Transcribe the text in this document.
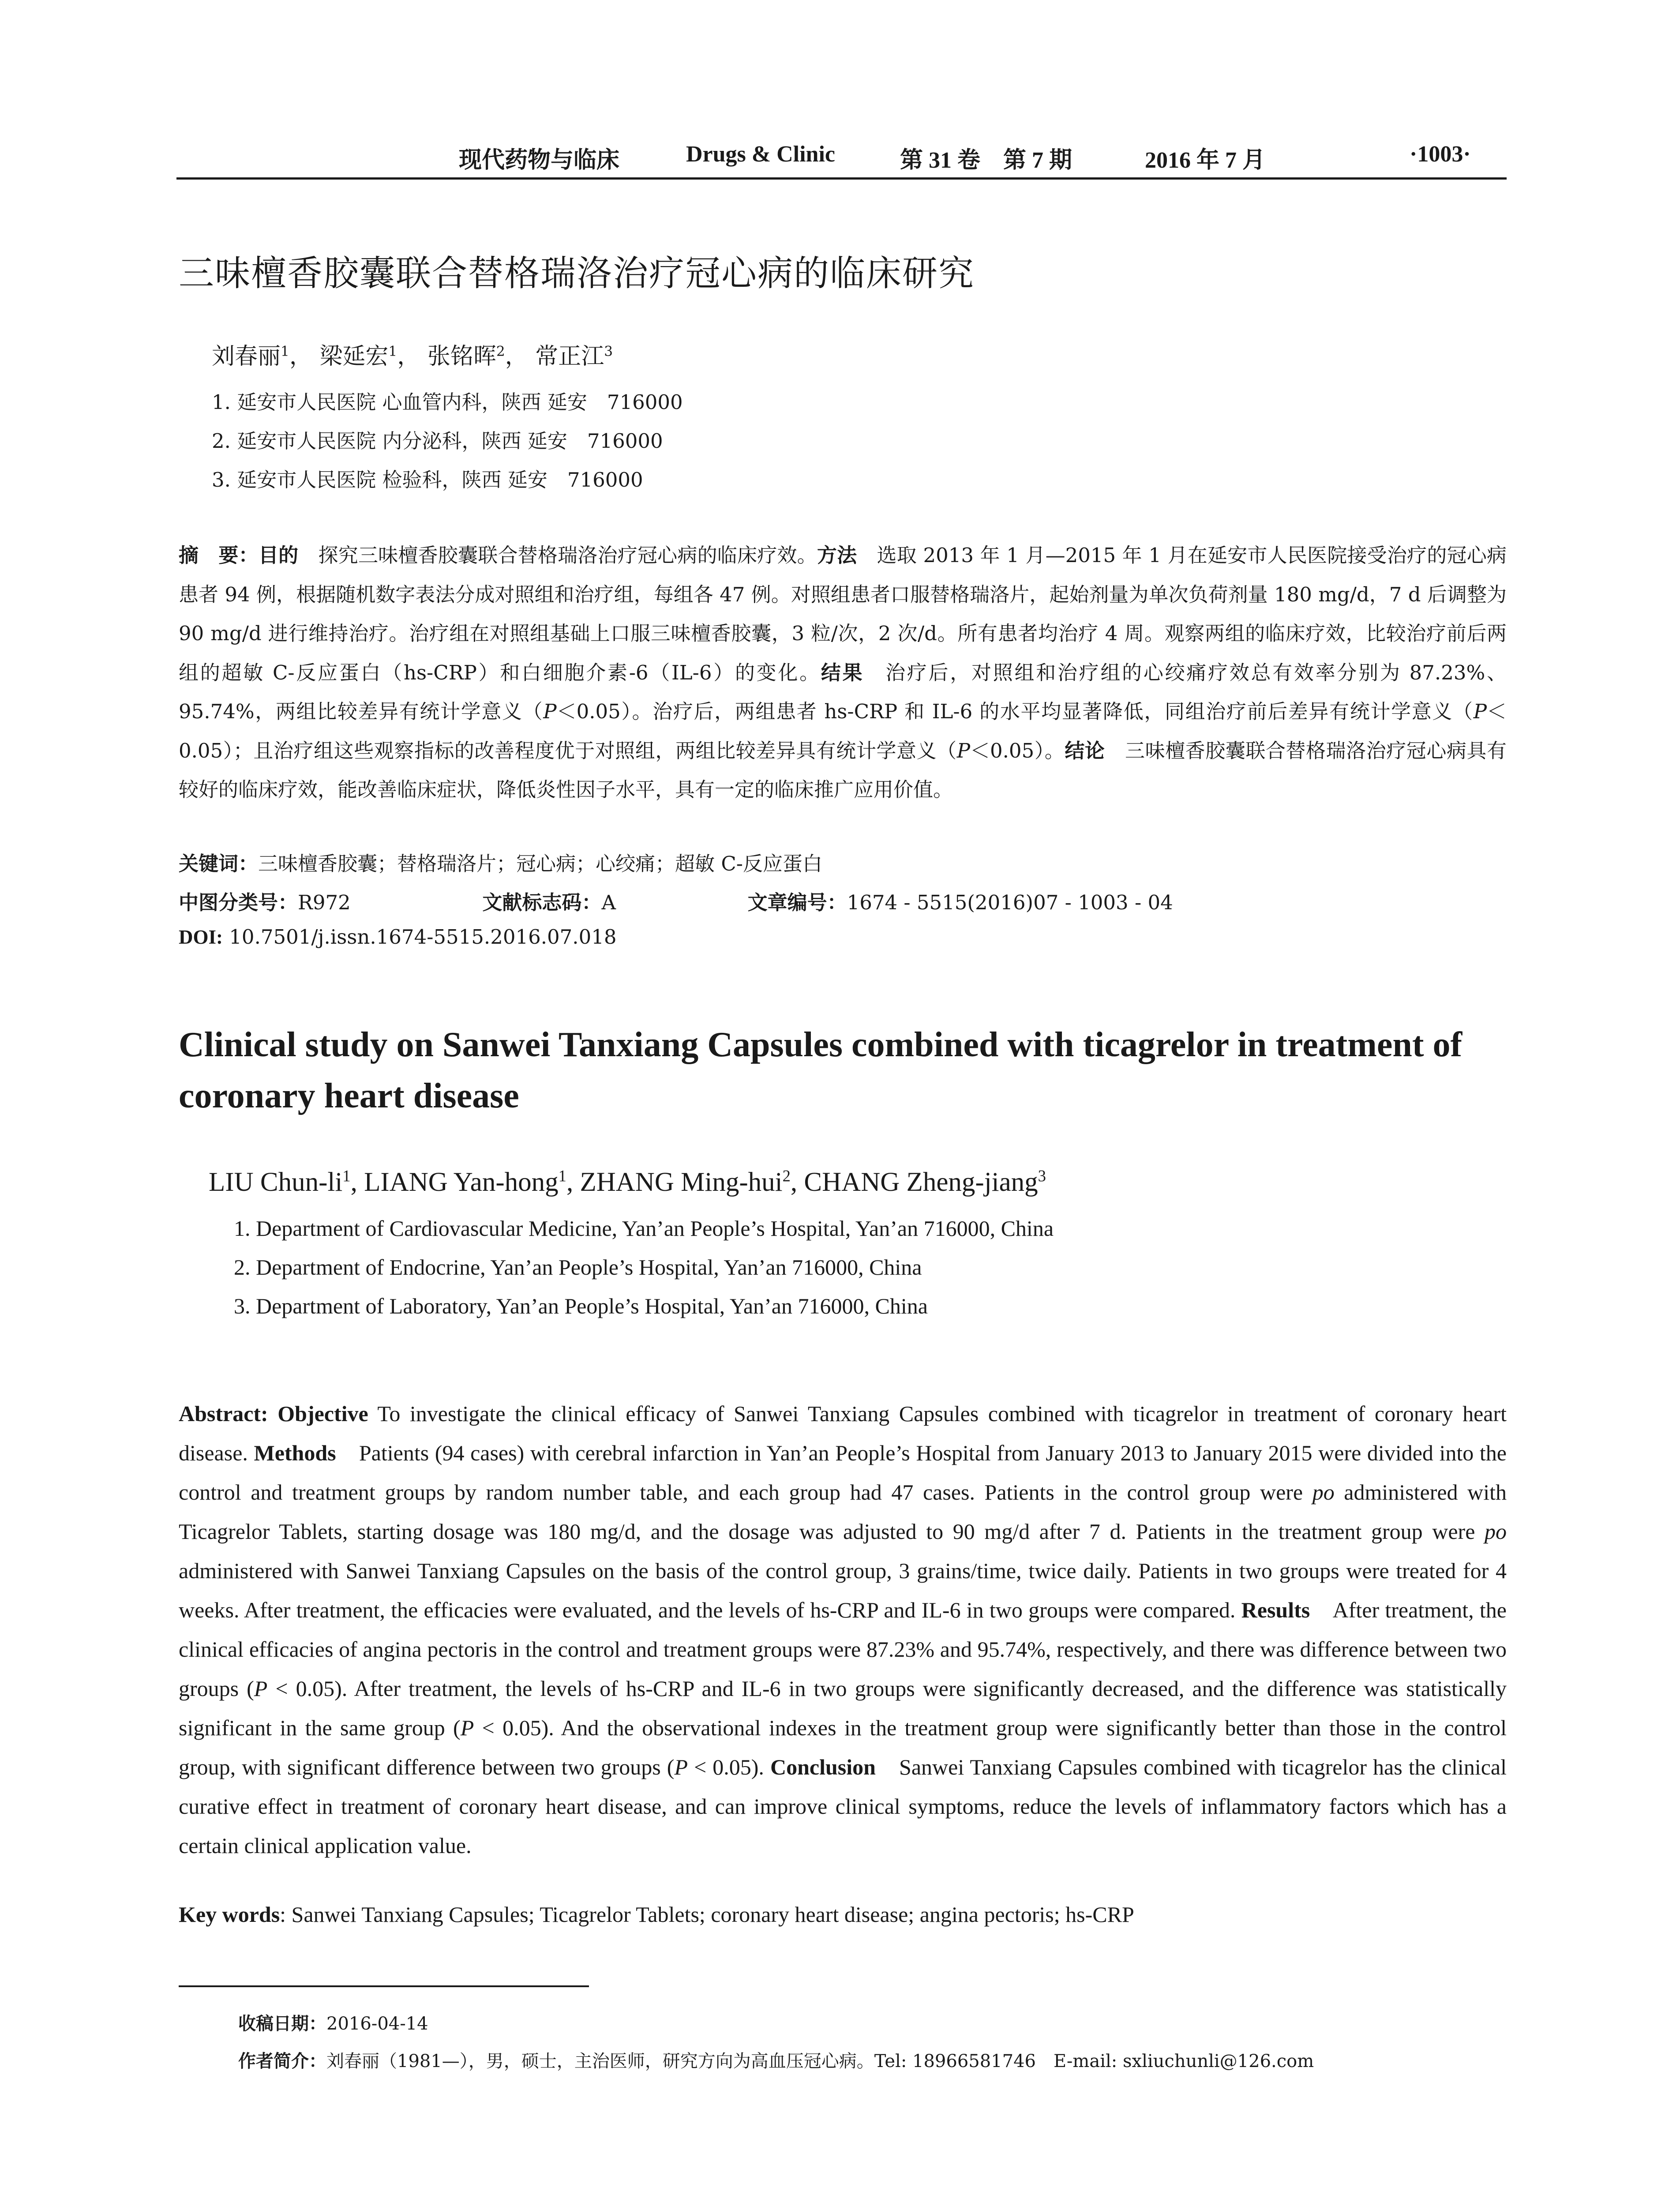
现代药物与临床	Drugs & Clinic	第 31 卷　第 7 期	2016 年 7 月	·1003·
三味檀香胶囊联合替格瑞洛治疗冠心病的临床研究
刘春丽$^1$， 梁延宏$^1$， 张铭晖$^2$， 常正江$^3$
1. 延安市人民医院 心血管内科，陕西 延安　716000
2. 延安市人民医院 内分泌科，陕西 延安　716000
3. 延安市人民医院 检验科，陕西 延安　716000
摘　要：目的　探究三味檀香胶囊联合替格瑞洛治疗冠心病的临床疗效。方法　选取 2013 年 1 月—2015 年 1 月在延安市人民医院接受治疗的冠心病患者 94 例，根据随机数字表法分成对照组和治疗组，每组各 47 例。对照组患者口服替格瑞洛片，起始剂量为单次负荷剂量 180 mg/d，7 d 后调整为 90 mg/d 进行维持治疗。治疗组在对照组基础上口服三味檀香胶囊，3 粒/次，2 次/d。所有患者均治疗 4 周。观察两组的临床疗效，比较治疗前后两组的超敏 C-反应蛋白（hs-CRP）和白细胞介素-6（IL-6）的变化。结果　治疗后，对照组和治疗组的心绞痛疗效总有效率分别为 87.23%、95.74%，两组比较差异有统计学意义（P＜0.05）。治疗后，两组患者 hs-CRP 和 IL-6 的水平均显著降低，同组治疗前后差异有统计学意义（P＜0.05）；且治疗组这些观察指标的改善程度优于对照组，两组比较差异具有统计学意义（P＜0.05）。结论　三味檀香胶囊联合替格瑞洛治疗冠心病具有较好的临床疗效，能改善临床症状，降低炎性因子水平，具有一定的临床推广应用价值。
关键词：三味檀香胶囊；替格瑞洛片；冠心病；心绞痛；超敏 C-反应蛋白
中图分类号：R972	文献标志码：A	文章编号：1674 - 5515(2016)07 - 1003 - 04
DOI: 10.7501/j.issn.1674-5515.2016.07.018
Clinical study on Sanwei Tanxiang Capsules combined with ticagrelor in treatment of coronary heart disease
LIU Chun-$li^1$, LIANG Yan-hong$^1$, ZHANG Ming-hui$^2$, CHANG Zheng-jiang$^3$
1. Department of Cardiovascular Medicine, Yan’an People’s Hospital, Yan’an 716000, China
2. Department of Endocrine, Yan’an People’s Hospital, Yan’an 716000, China
3. Department of Laboratory, Yan’an People’s Hospital, Yan’an 716000, China
Abstract: Objective To investigate the clinical efficacy of Sanwei Tanxiang Capsules combined with ticagrelor in treatment of coronary heart disease. Methods　Patients (94 cases) with cerebral infarction in Yan’an People’s Hospital from January 2013 to January 2015 were divided into the control and treatment groups by random number table, and each group had 47 cases. Patients in the control group were po administered with Ticagrelor Tablets, starting dosage was 180 mg/d, and the dosage was adjusted to 90 mg/d after 7 d. Patients in the treatment group were po administered with Sanwei Tanxiang Capsules on the basis of the control group, 3 grains/time, twice daily. Patients in two groups were treated for 4 weeks. After treatment, the efficacies were evaluated, and the levels of hs-CRP and IL-6 in two groups were compared. Results　After treatment, the clinical efficacies of angina pectoris in the control and treatment groups were 87.23% and 95.74%, respectively, and there was difference between two groups (P < 0.05). After treatment, the levels of hs-CRP and IL-6 in two groups were significantly decreased, and the difference was statistically significant in the same group (P < 0.05). And the observational indexes in the treatment group were significantly better than those in the control group, with significant difference between two groups (P < 0.05). Conclusion　Sanwei Tanxiang Capsules combined with ticagrelor has the clinical curative effect in treatment of coronary heart disease, and can improve clinical symptoms, reduce the levels of inflammatory factors which has a certain clinical application value.
Key words: Sanwei Tanxiang Capsules; Ticagrelor Tablets; coronary heart disease; angina pectoris; hs-CRP
收稿日期：2016-04-14
作者简介：刘春丽（1981—），男，硕士，主治医师，研究方向为高血压冠心病。Tel: 18966581746　E-mail: sxliuchunli@126.com
